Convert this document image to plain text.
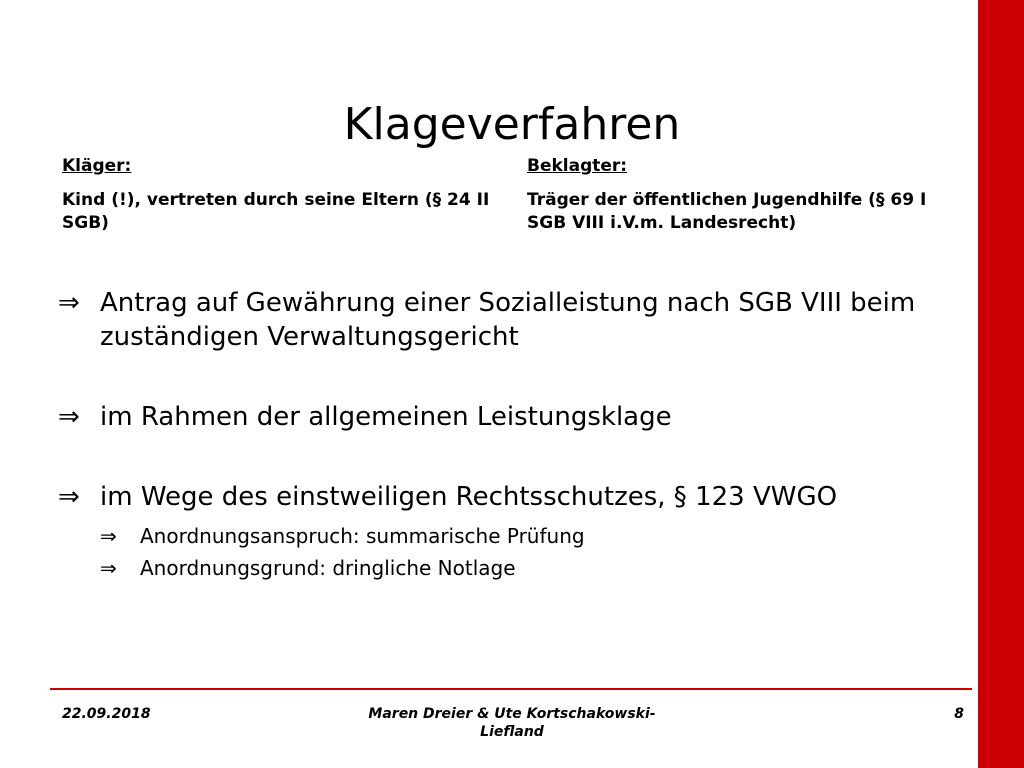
Klageverfahren
Kläger:
Kind (!), vertreten durch seine Eltern (§ 24 II SGB)
Beklagter:
Träger der öffentlichen Jugendhilfe (§ 69 I SGB VIII i.V.m. Landesrecht)
⇒ Antrag auf Gewährung einer Sozialleistung nach SGB VIII beim zuständigen Verwaltungsgericht
⇒ im Rahmen der allgemeinen Leistungsklage
⇒ im Wege des einstweiligen Rechtsschutzes, § 123 VWGO
⇒ Anordnungsanspruch: summarische Prüfung
⇒ Anordnungsgrund: dringliche Notlage
22.09.2018	Maren Dreier & Ute Kortschakowski-Liefland
8
